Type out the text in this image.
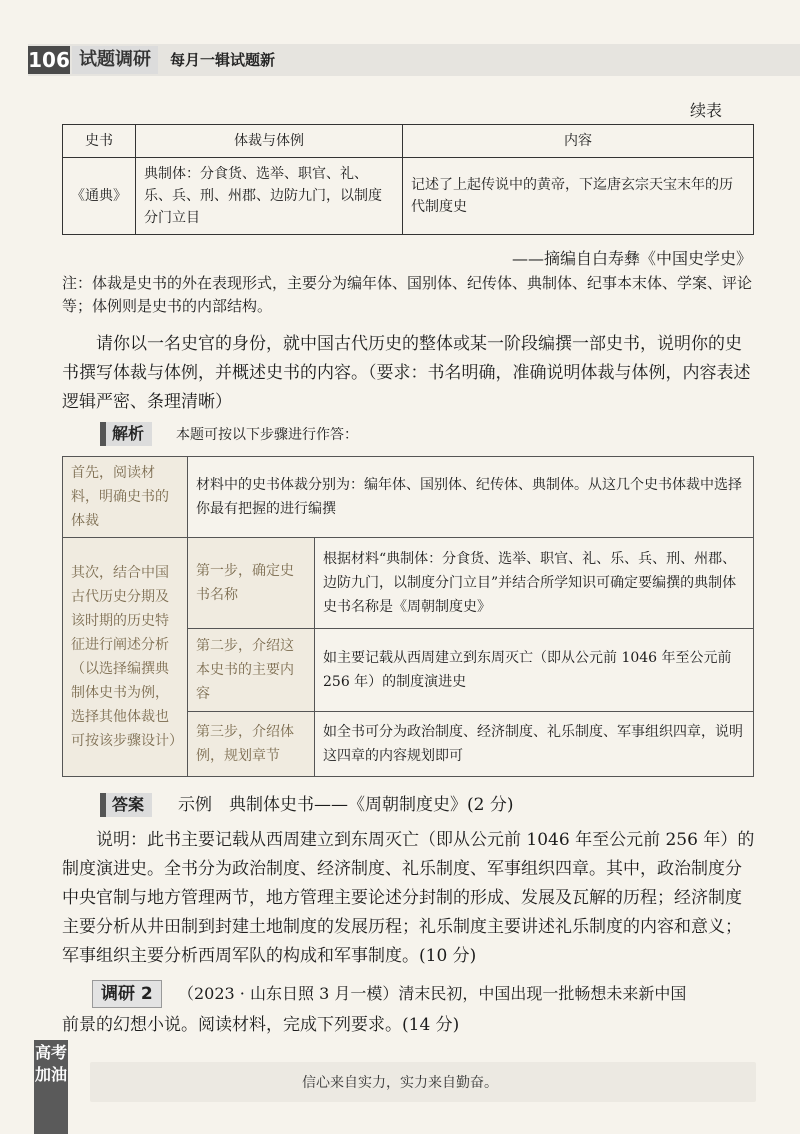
106 试题调研	每月一辑试题新
续表
史书	体裁与体例	内容
《通典》	典制体：分食货、选举、职官、礼、乐、兵、刑、州郡、边防九门，以制度分门立目	记述了上起传说中的黄帝，下迄唐玄宗天宝末年的历代制度史
——摘编自白寿彝《中国史学史》
注：体裁是史书的外在表现形式，主要分为编年体、国别体、纪传体、典制体、纪事本末体、学案、评论等；体例则是史书的内部结构。
请你以一名史官的身份，就中国古代历史的整体或某一阶段编撰一部史书，说明你的史书撰写体裁与体例，并概述史书的内容。（要求：书名明确，准确说明体裁与体例，内容表述逻辑严密、条理清晰）
解析	本题可按以下步骤进行作答：
首先，阅读材料，明确史书的体裁	材料中的史书体裁分别为：编年体、国别体、纪传体、典制体。从这几个史书体裁中选择你最有把握的进行编撰	
其次，结合中国古代历史分期及该时期的历史特征进行阐述分析（以选择编撰典制体史书为例，选择其他体裁也可按该步骤设计）	第一步，确定史书名称	根据材料“典制体：分食货、选举、职官、礼、乐、兵、刑、州郡、边防九门，以制度分门立目”并结合所学知识可确定要编撰的典制体史书名称是《周朝制度史》
	第二步，介绍这本史书的主要内容	如主要记载从西周建立到东周灭亡（即从公元前 1046 年至公元前 256 年）的制度演进史
	第三步，介绍体例，规划章节	如全书可分为政治制度、经济制度、礼乐制度、军事组织四章，说明这四章的内容规划即可
答案	示例　典制体史书——《周朝制度史》(2 分)
说明：此书主要记载从西周建立到东周灭亡（即从公元前 1046 年至公元前 256 年）的制度演进史。全书分为政治制度、经济制度、礼乐制度、军事组织四章。其中，政治制度分中央官制与地方管理两节，地方管理主要论述分封制的形成、发展及瓦解的历程；经济制度主要分析从井田制到封建土地制度的发展历程；礼乐制度主要讲述礼乐制度的内容和意义；军事组织主要分析西周军队的构成和军事制度。(10 分)
调研 2	（2023 · 山东日照 3 月一模）清末民初，中国出现一批畅想未来新中国
前景的幻想小说。阅读材料，完成下列要求。(14 分)
信心来自实力，实力来自勤奋。
高考加油
